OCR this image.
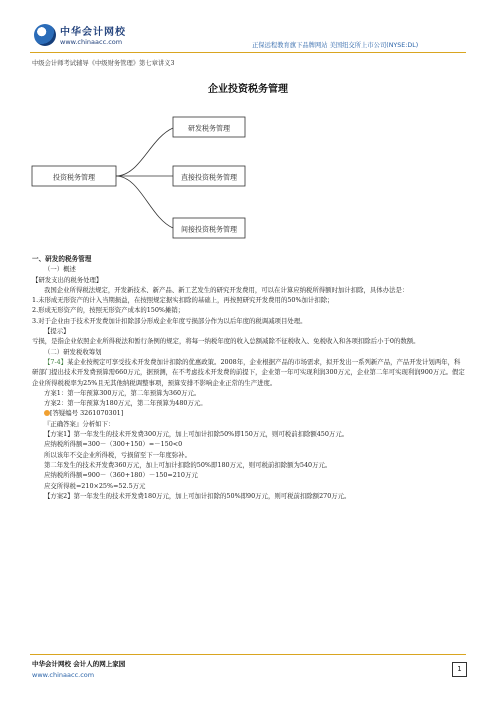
中华会计网校
www.chinaacc.com	正保远程教育旗下品牌网站 美国纽交所上市公司(NYSE:DL)
中级会计师考试辅导《中级财务管理》第七章讲义3
企业投资税务管理
投资税务管理
研发税务管理
直接投资税务管理
间接投资税务管理

一、研发的税务管理

（一）概述

【研发支出的税务处理】

我国企业所得税法规定，开发新技术、新产品、新工艺发生的研究开发费用，可以在计算应纳税所得额时加计扣除，具体办法是：

1.未形成无形资产的计入当期损益，在按照规定据实扣除的基础上，再按照研究开发费用的50%加计扣除；

2.形成无形资产的，按照无形资产成本的150%摊销；

3.对于企业由于技术开发费加计扣除部分形成企业年度亏损部分作为以后年度的税调减项目处理。

【提示】

亏损，是指企业依照企业所得税法和暂行条例的规定，将每一纳税年度的收入总额减除不征税收入、免税收入和各项扣除后小于0的数额。

（二）研发税收筹划

【7-4】某企业按规定可享受技术开发费加计扣除的优惠政策。2008年，企业根据产品的市场需求，拟开发出一系列新产品，产品开发计划两年，科研部门提出技术开发费预算需660万元，据预测，在不考虑技术开发费的前提下，企业第一年可实现利润300万元，企业第二年可实现利润900万元。假定企业所得税税率为25%且无其他纳税调整事项，预算安排不影响企业正常的生产进度。

方案1：第一年预算300万元，第二年预算为360万元。

方案2：第一年预算为180万元，第二年预算为480万元。

[答疑编号 3261070301]

『正确答案』分析如下：

【方案1】第一年发生的技术开发费300万元，加上可加计扣除50%即150万元，则可税前扣除额450万元。

应纳税所得额=300－（300+150）=－150<0

所以该年不交企业所得税，亏损留至下一年度弥补。

第二年发生的技术开发费360万元，加上可加计扣除的50%即180万元，则可税前扣除额为540万元。

应纳税所得额=900－（360+180）－150=210万元

应交所得税=210×25%=52.5万元

【方案2】第一年发生的技术开发费180万元，加上可加计扣除的50%即90万元，则可税前扣除额270万元。

中华会计网校 会计人的网上家园
www.chinaacc.com
1
